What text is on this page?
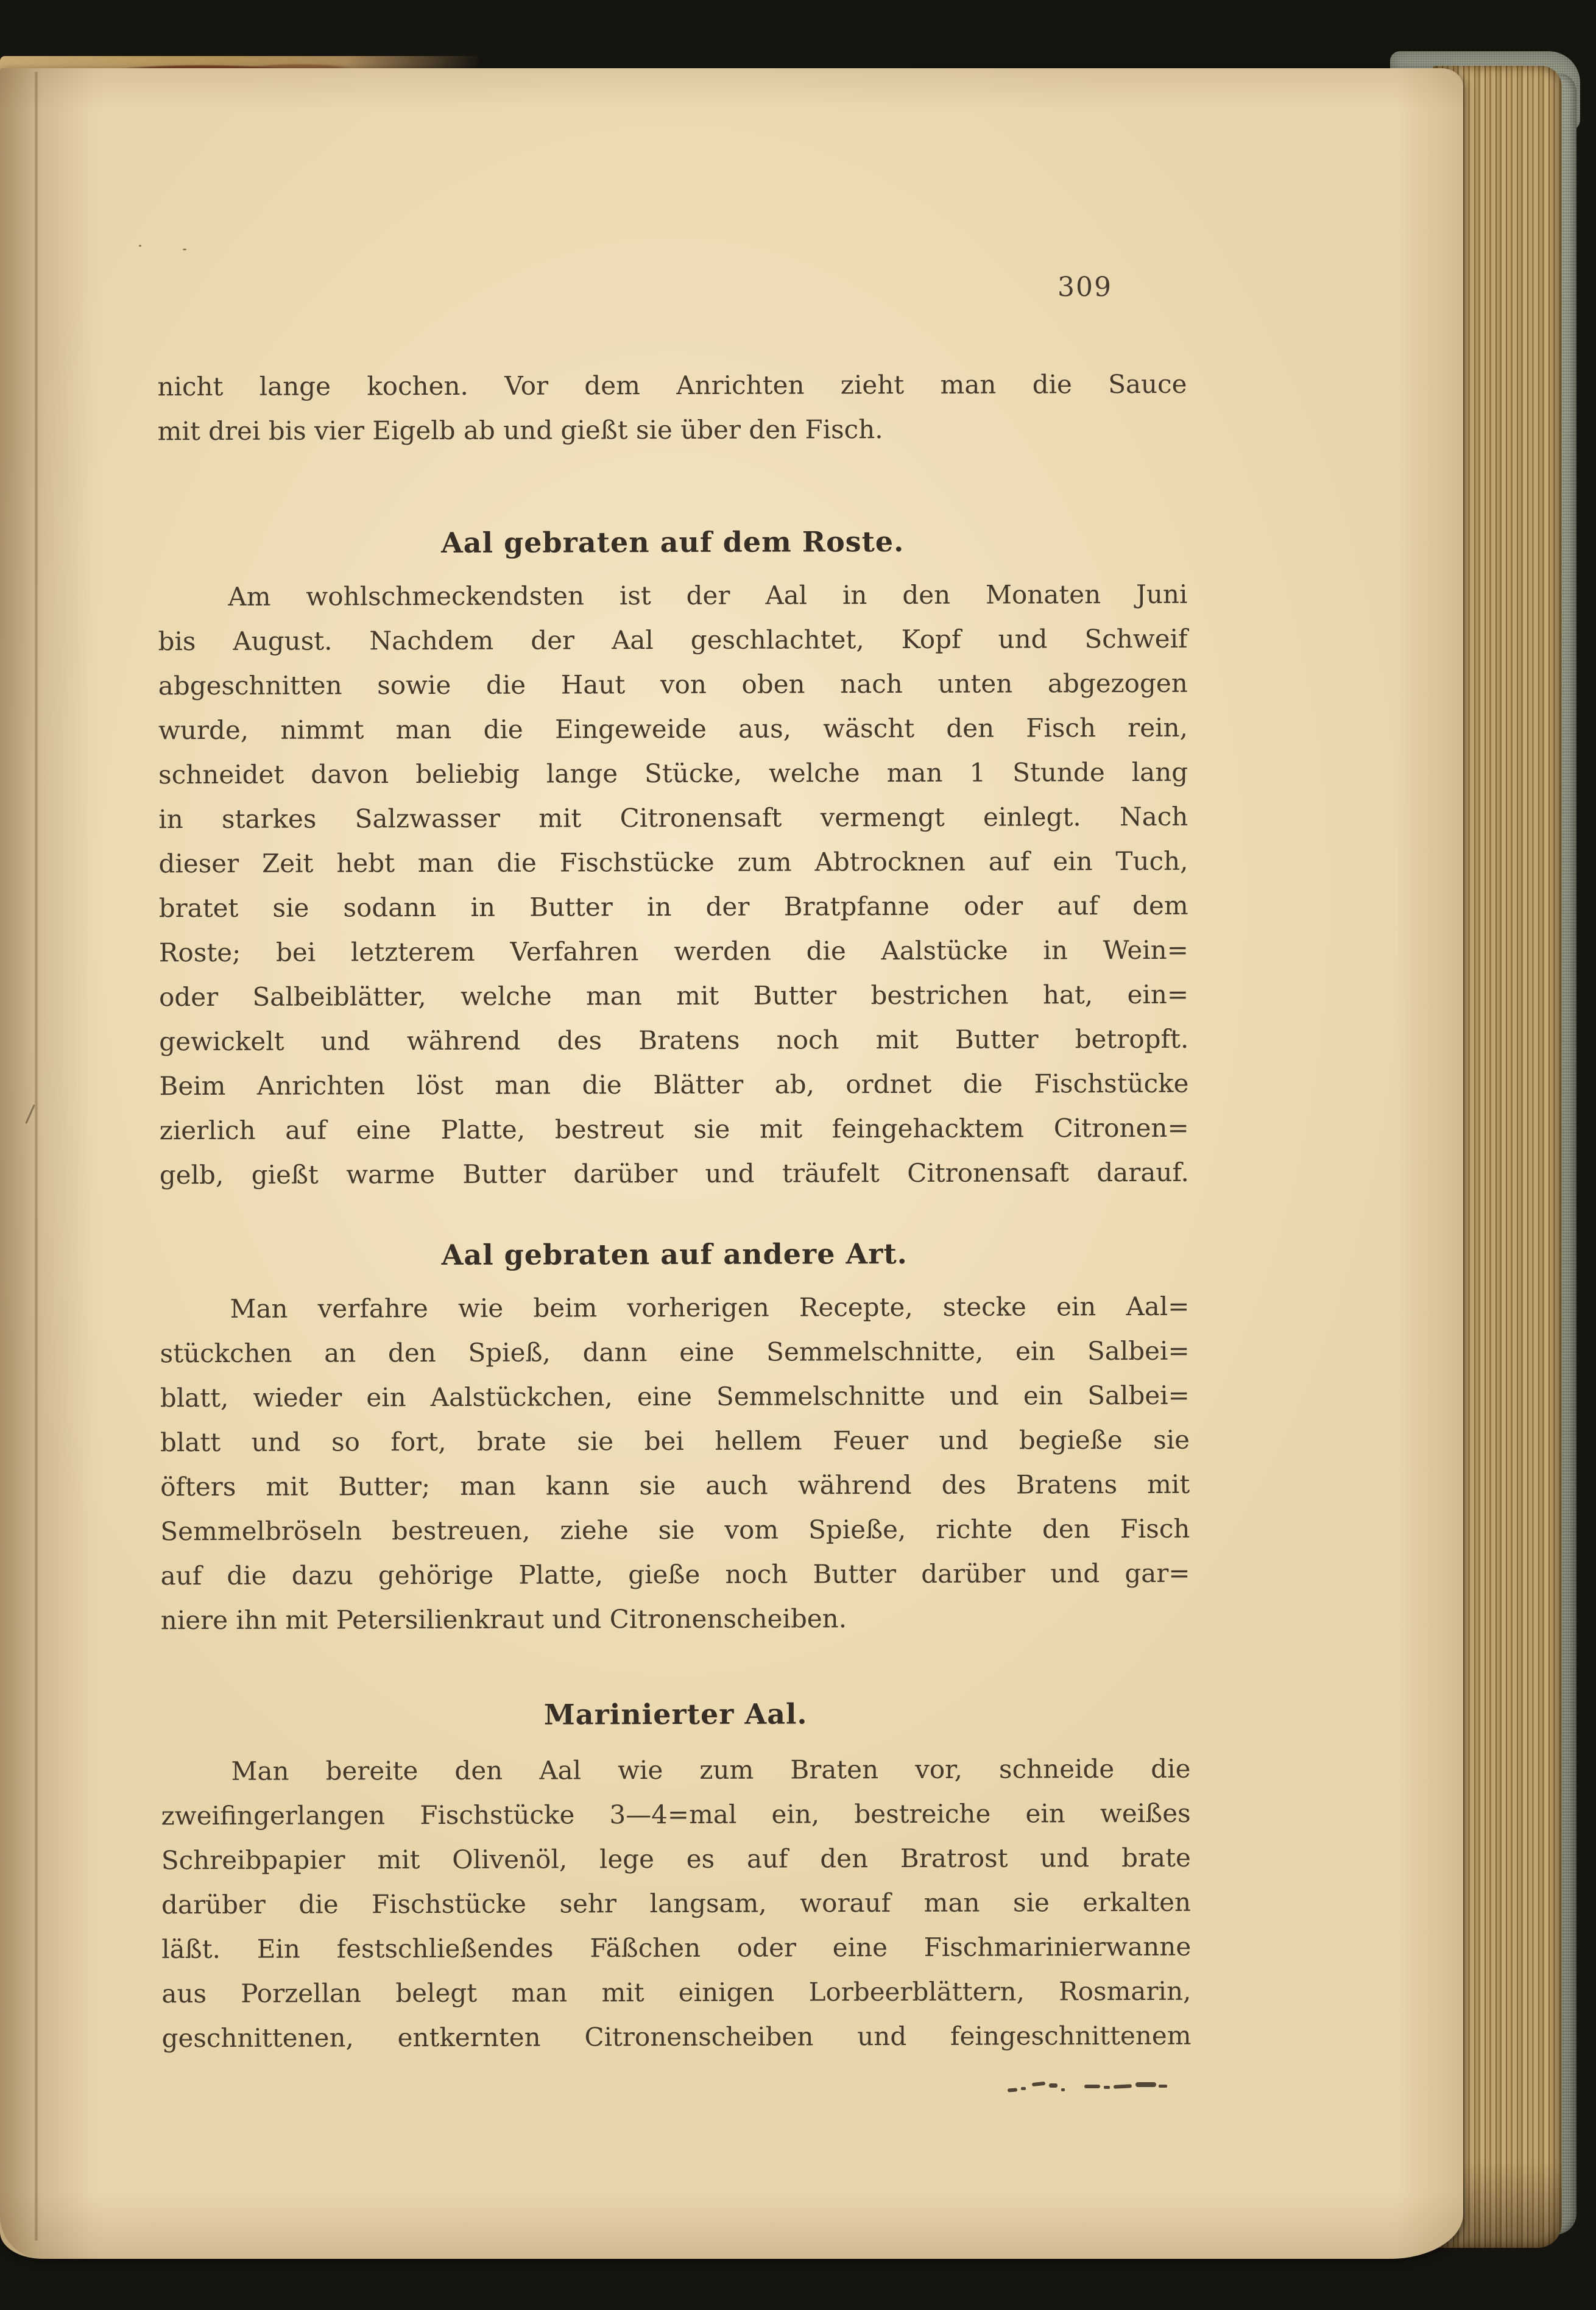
309
nicht lange kochen. Vor dem Anrichten zieht man die Sauce
mit drei bis vier Eigelb ab und gießt sie über den Fisch.
Aal gebraten auf dem Roste.
Am wohlschmeckendsten ist der Aal in den Monaten Juni
bis August. Nachdem der Aal geschlachtet, Kopf und Schweif
abgeschnitten sowie die Haut von oben nach unten abgezogen
wurde, nimmt man die Eingeweide aus, wäscht den Fisch rein,
schneidet davon beliebig lange Stücke, welche man 1 Stunde lang
in starkes Salzwasser mit Citronensaft vermengt einlegt. Nach
dieser Zeit hebt man die Fischstücke zum Abtrocknen auf ein Tuch,
bratet sie sodann in Butter in der Bratpfanne oder auf dem
Roste; bei letzterem Verfahren werden die Aalstücke in Wein=
oder Salbeiblätter, welche man mit Butter bestrichen hat, ein=
gewickelt und während des Bratens noch mit Butter betropft.
Beim Anrichten löst man die Blätter ab, ordnet die Fischstücke
zierlich auf eine Platte, bestreut sie mit feingehacktem Citronen=
gelb, gießt warme Butter darüber und träufelt Citronensaft darauf.
Aal gebraten auf andere Art.
Man verfahre wie beim vorherigen Recepte, stecke ein Aal=
stückchen an den Spieß, dann eine Semmelschnitte, ein Salbei=
blatt, wieder ein Aalstückchen, eine Semmelschnitte und ein Salbei=
blatt und so fort, brate sie bei hellem Feuer und begieße sie
öfters mit Butter; man kann sie auch während des Bratens mit
Semmelbröseln bestreuen, ziehe sie vom Spieße, richte den Fisch
auf die dazu gehörige Platte, gieße noch Butter darüber und gar=
niere ihn mit Petersilienkraut und Citronenscheiben.
Marinierter Aal.
Man bereite den Aal wie zum Braten vor, schneide die
zweifingerlangen Fischstücke 3—4=mal ein, bestreiche ein weißes
Schreibpapier mit Olivenöl, lege es auf den Bratrost und brate
darüber die Fischstücke sehr langsam, worauf man sie erkalten
läßt. Ein festschließendes Fäßchen oder eine Fischmarinierwanne
aus Porzellan belegt man mit einigen Lorbeerblättern, Rosmarin,
geschnittenen, entkernten Citronenscheiben und feingeschnittenem
